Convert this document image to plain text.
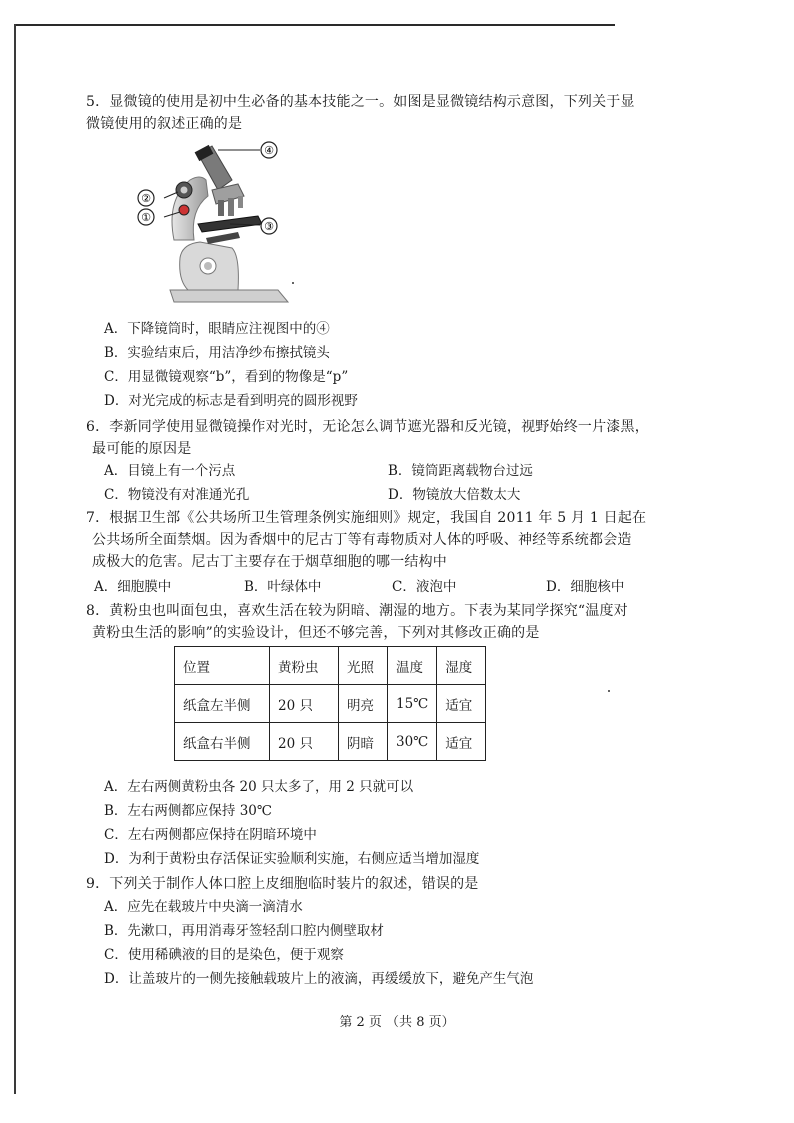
5．显微镜的使用是初中生必备的基本技能之一。如图是显微镜结构示意图，下列关于显
微镜使用的叙述正确的是
④
②
①
③
A．下降镜筒时，眼睛应注视图中的④
B．实验结束后，用洁净纱布擦拭镜头
C．用显微镜观察“b”，看到的物像是“p”
D．对光完成的标志是看到明亮的圆形视野
6．李新同学使用显微镜操作对光时，无论怎么调节遮光器和反光镜，视野始终一片漆黑，
最可能的原因是
A．目镜上有一个污点	B．镜筒距离载物台过远
C．物镜没有对准通光孔	D．物镜放大倍数太大
7．根据卫生部《公共场所卫生管理条例实施细则》规定，我国自 2011 年 5 月 1 日起在
公共场所全面禁烟。因为香烟中的尼古丁等有毒物质对人体的呼吸、神经等系统都会造
成极大的危害。尼古丁主要存在于烟草细胞的哪一结构中
A．细胞膜中	B．叶绿体中	C．液泡中	D．细胞核中
8．黄粉虫也叫面包虫，喜欢生活在较为阴暗、潮湿的地方。下表为某同学探究“温度对
黄粉虫生活的影响”的实验设计，但还不够完善，下列对其修改正确的是
位置	黄粉虫	光照	温度	湿度
纸盒左半侧	20 只	明亮	15℃	适宜
纸盒右半侧	20 只	阴暗	30℃	适宜
A．左右两侧黄粉虫各 20 只太多了，用 2 只就可以
B．左右两侧都应保持 30℃
C．左右两侧都应保持在阴暗环境中
D．为利于黄粉虫存活保证实验顺利实施，右侧应适当增加湿度
9．下列关于制作人体口腔上皮细胞临时装片的叙述，错误的是
A．应先在载玻片中央滴一滴清水
B．先漱口，再用消毒牙签轻刮口腔内侧壁取材
C．使用稀碘液的目的是染色，便于观察
D．让盖玻片的一侧先接触载玻片上的液滴，再缓缓放下，避免产生气泡
第 2 页 （共 8 页）
